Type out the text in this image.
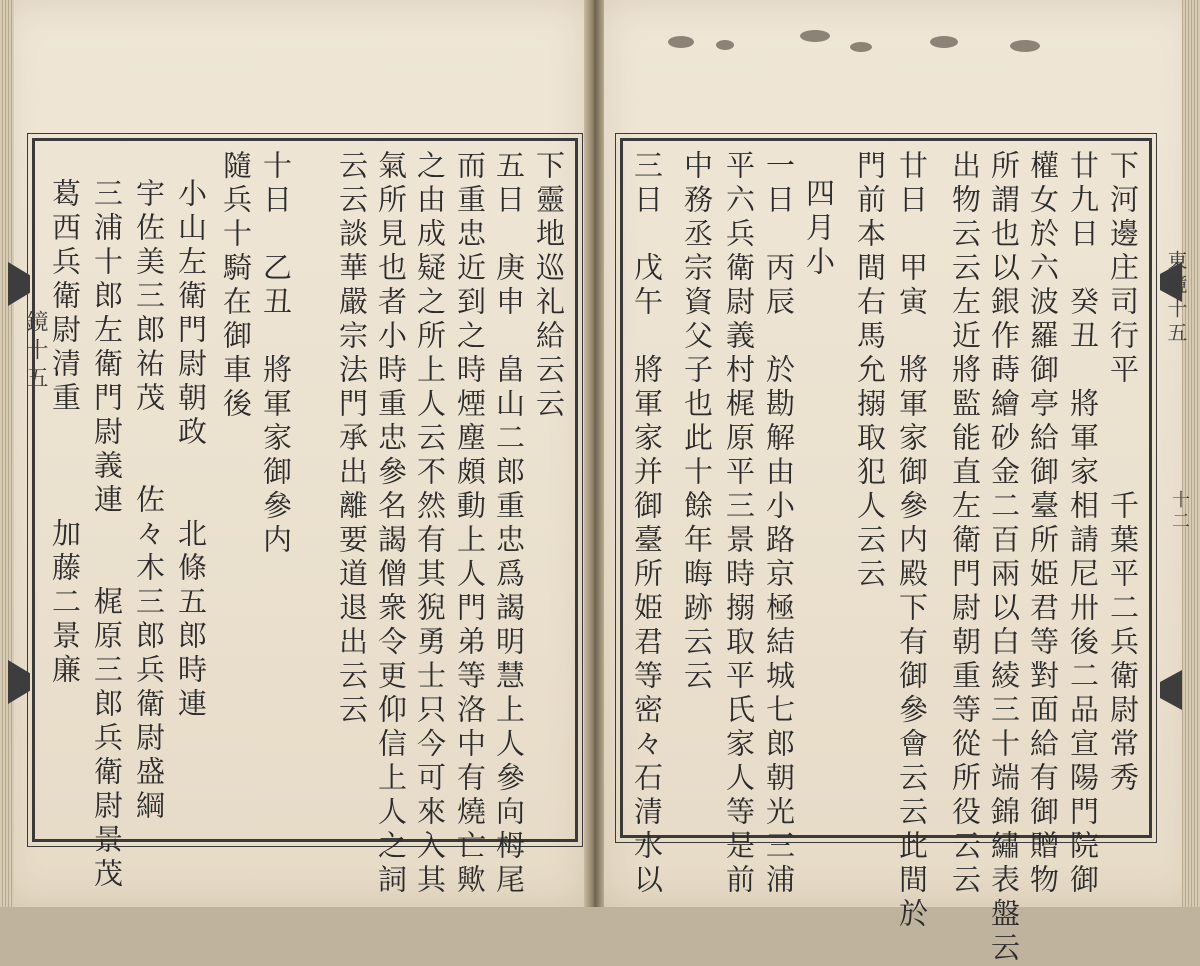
鏡十五
東鏡十五
十二
下靈地巡礼給云云
五日　庚申　畠山二郎重忠爲謁明慧上人參向栂尾
而重忠近到之時煙塵頗動上人門弟等洛中有燒亡歟
之由成疑之所上人云不然有其猊勇士只今可來入其
氣所見也者小時重忠參名謁僧衆令更仰信上人之詞
云云談華嚴宗法門承出離要道退出云云
十日　乙丑　將軍家御參内
隨兵十騎在御車後
小山左衛門尉朝政　　北條五郎時連
宇佐美三郎祐茂　　佐々木三郎兵衛尉盛綱
三浦十郎左衛門尉義連　　梶原三郎兵衛尉景茂
葛西兵衛尉清重　　　加藤二景廉	下河邊庄司行平　　　千葉平二兵衛尉常秀
廿九日　癸丑　將軍家相請尼卅後二品宣陽門院御
權女於六波羅御亭給御臺所姫君等對面給有御贈物
所謂也以銀作蒔繪砂金二百兩以白綾三十端錦繡表盤云
出物云云左近將監能直左衛門尉朝重等從所役云云
廿日　甲寅　將軍家御參内殿下有御參會云云此間於
門前本間右馬允搦取犯人云云
四月小
一日　丙辰　於勘解由小路京極結城七郎朝光三浦
平六兵衛尉義村梶原平三景時搦取平氏家人等是前
中務丞宗資父子也此十餘年晦跡云云
三日　戊午　將軍家并御臺所姫君等密々石清水以
